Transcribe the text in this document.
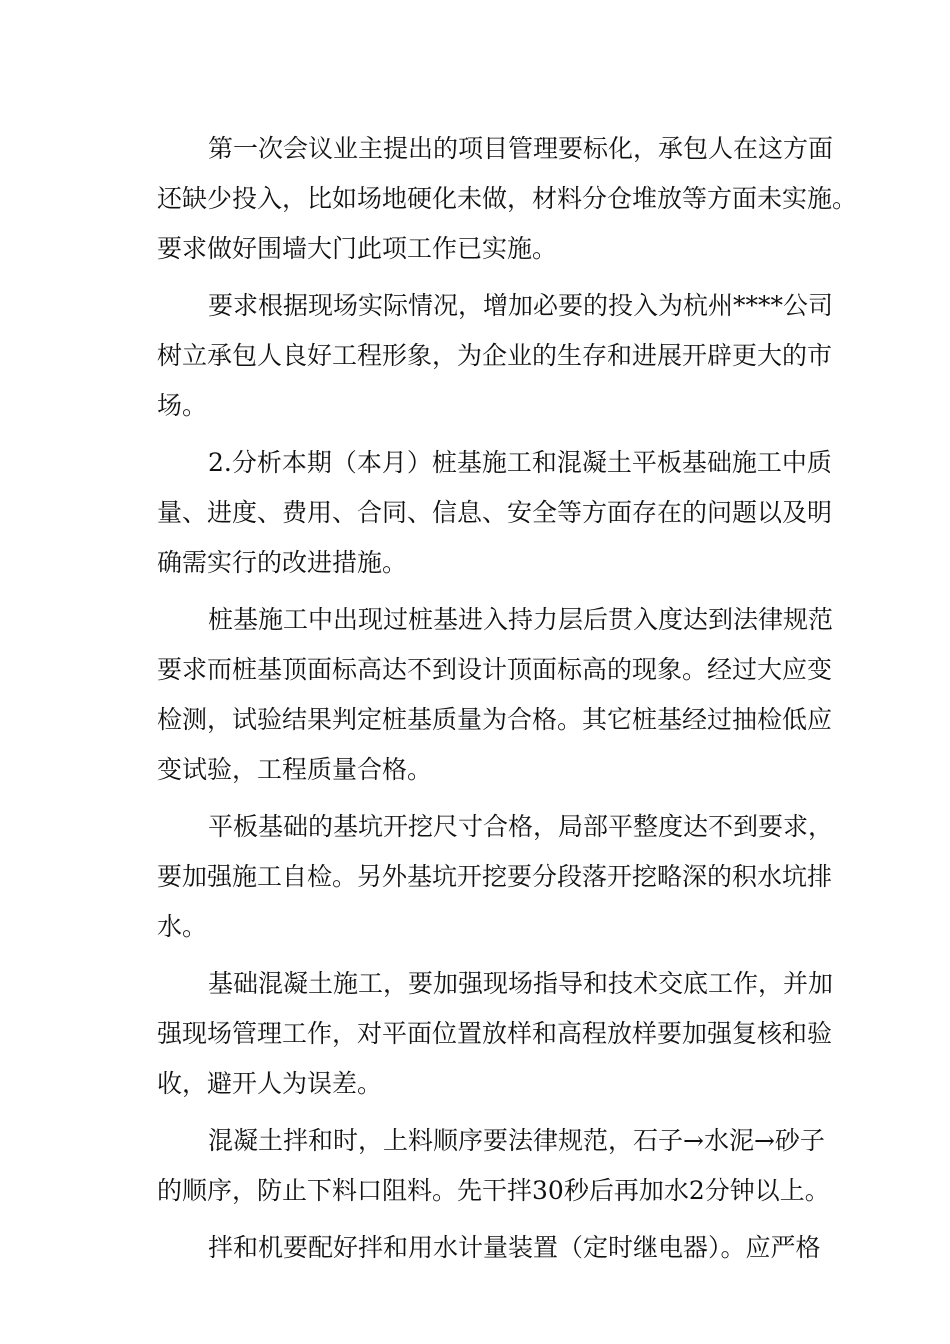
第一次会议业主提出的项目管理要标化，承包人在这方面
还缺少投入，比如场地硬化未做，材料分仓堆放等方面未实施。
要求做好围墙大门此项工作已实施。
要求根据现场实际情况，增加必要的投入为杭州****公司
树立承包人良好工程形象，为企业的生存和进展开辟更大的市
场。
2.分析本期（本月）桩基施工和混凝土平板基础施工中质
量、进度、费用、合同、信息、安全等方面存在的问题以及明
确需实行的改进措施。
桩基施工中出现过桩基进入持力层后贯入度达到法律规范
要求而桩基顶面标高达不到设计顶面标高的现象。经过大应变
检测，试验结果判定桩基质量为合格。其它桩基经过抽检低应
变试验，工程质量合格。
平板基础的基坑开挖尺寸合格，局部平整度达不到要求，
要加强施工自检。另外基坑开挖要分段落开挖略深的积水坑排
水。
基础混凝土施工，要加强现场指导和技术交底工作，并加
强现场管理工作，对平面位置放样和高程放样要加强复核和验
收，避开人为误差。
混凝土拌和时，上料顺序要法律规范，石子→水泥→砂子
的顺序，防止下料口阻料。先干拌30秒后再加水2分钟以上。
拌和机要配好拌和用水计量装置（定时继电器）。应严格
